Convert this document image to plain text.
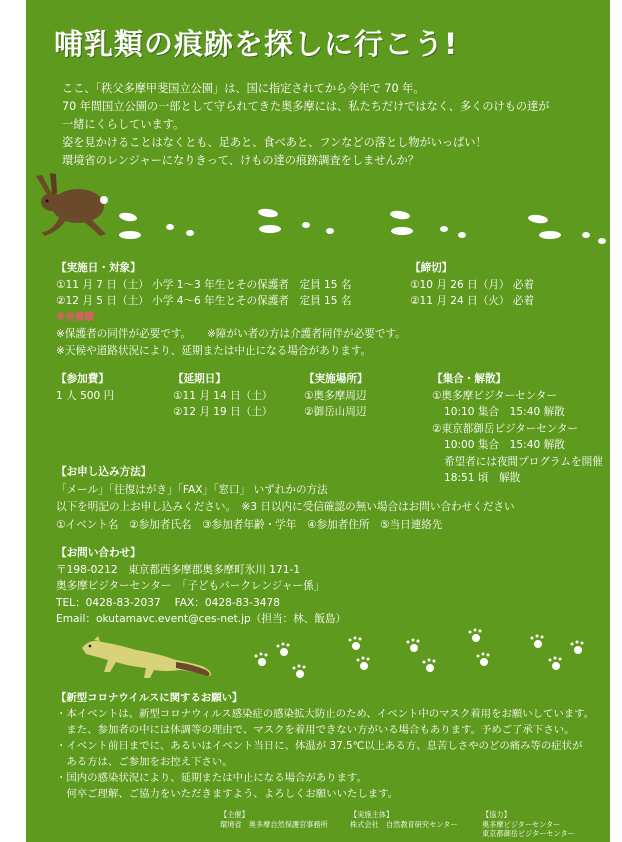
哺乳類の痕跡を探しに行こう!
ここ、「秩父多摩甲斐国立公園」は、国に指定されてから今年で 70 年。
70 年間国立公園の一部として守られてきた奥多摩には、私たちだけではなく、多くのけもの達が
一緒にくらしています。
姿を見かけることはなくとも、足あと、食べあと、フンなどの落とし物がいっぱい！
環境省のレンジャーになりきって、けもの達の痕跡調査をしませんか？
【実施日・対象】
①11 月 7 日（土） 小学 1～3 年生とその保護者　定員 15 名
②12 月 5 日（土） 小学 4～6 年生とその保護者　定員 15 名
※先着順
※保護者の同伴が必要です。　　※障がい者の方は介護者同伴が必要です。
※天候や道路状況により、延期または中止になる場合があります。
【締切】
①10 月 26 日（月） 必着
②11 月 24 日（火） 必着
【参加費】
1 人 500 円
【延期日】
①11 月 14 日（土）
②12 月 19 日（土）
【実施場所】
①奥多摩周辺
②御岳山周辺
【集合・解散】
①奥多摩ビジターセンター
10:10 集合　15:40 解散
②東京都御岳ビジターセンター
10:00 集合　15:40 解散
希望者には夜間プログラムを開催
18:51 頃　解散
【お申し込み方法】
「メール」「往復はがき」「FAX」「窓口」 いずれかの方法
以下を明記の上お申し込みください。　※3 日以内に受信確認の無い場合はお問い合わせください
①イベント名　②参加者氏名　③参加者年齢・学年　④参加者住所　⑤当日連絡先
【お問い合わせ】
〒198-0212　東京都西多摩郡奥多摩町氷川 171-1
奥多摩ビジターセンター　「子どもパークレンジャー係」
TEL：0428-83-2037　 FAX：0428-83-3478
Email：okutamavc.event@ces-net.jp（担当：林、飯島）
【新型コロナウイルスに関するお願い】
・本イベントは、新型コロナウィルス感染症の感染拡大防止のため、イベント中のマスク着用をお願いしています。
　また、参加者の中には体調等の理由で、マスクを着用できない方がいる場合もあります。予めご了承下さい。
・イベント前日までに、あるいはイベント当日に、体温が 37.5℃以上ある方、息苦しさやのどの痛み等の症状が
　ある方は、ご参加をお控え下さい。
・国内の感染状況により、延期または中止になる場合があります。
　何卒ご理解、ご協力をいただきますよう、よろしくお願いいたします。
【主催】
環境省　奥多摩自然保護官事務所
【実施主体】
株式会社　自然教育研究センター
【協力】
奥多摩ビジターセンター
東京都御岳ビジターセンター
